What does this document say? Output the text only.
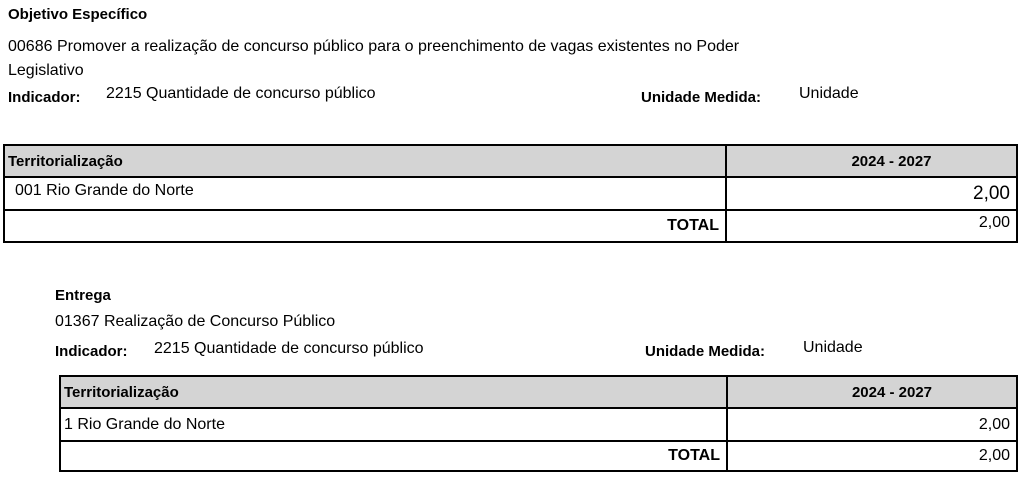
Objetivo Específico
00686 Promover a realização de concurso público para o preenchimento de vagas existentes no Poder
Legislativo
Indicador: 2215 Quantidade de concurso público	Unidade Medida: Unidade
Territorialização	2024 - 2027
001 Rio Grande do Norte	2,00
TOTAL	2,00
Entrega
01367 Realização de Concurso Público
Indicador: 2215 Quantidade de concurso público	Unidade Medida: Unidade
Territorialização	2024 - 2027
1 Rio Grande do Norte	2,00
TOTAL	2,00
